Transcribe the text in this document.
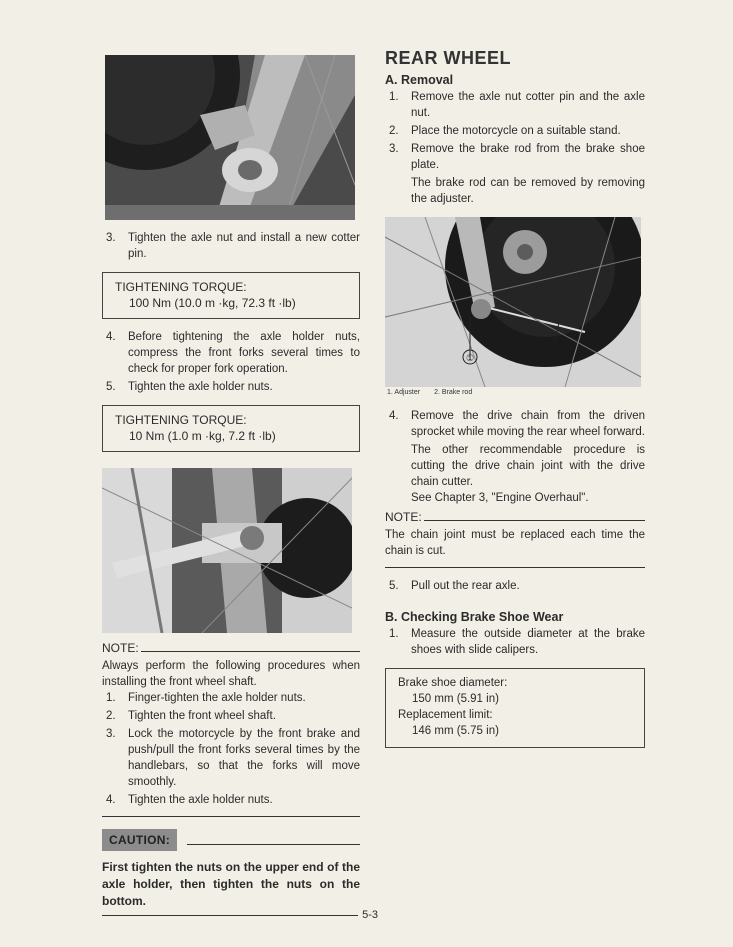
3.	Tighten the axle nut and install a new cotter pin.
TIGHTENING TORQUE:
100 Nm (10.0 m ·kg, 72.3 ft ·lb)
4.	Before tightening the axle holder nuts, compress the front forks several times to check for proper fork operation.
5.	Tighten the axle holder nuts.
TIGHTENING TORQUE:
10 Nm (1.0 m ·kg, 7.2 ft ·lb)
NOTE:
Always perform the following procedures when installing the front wheel shaft.
1.	Finger-tighten the axle holder nuts.
2.	Tighten the front wheel shaft.
3.	Lock the motorcycle by the front brake and push/pull the front forks several times by the handlebars, so that the forks will move smoothly.
4.	Tighten the axle holder nuts.
CAUTION:
First tighten the nuts on the upper end of the axle holder, then tighten the nuts on the bottom.
REAR WHEEL
A. Removal
1.	Remove the axle nut cotter pin and the axle nut.
2.	Place the motorcycle on a suitable stand.
3.	Remove the brake rod from the brake shoe plate.
The brake rod can be removed by removing the adjuster.
①
1. Adjuster 2. Brake rod
4.	Remove the drive chain from the driven sprocket while moving the rear wheel forward.
The other recommendable procedure is cutting the drive chain joint with the drive chain cutter.
See Chapter 3, "Engine Overhaul".
NOTE:
The chain joint must be replaced each time the chain is cut.
5.	Pull out the rear axle.
B. Checking Brake Shoe Wear
1.	Measure the outside diameter at the brake shoes with slide calipers.
Brake shoe diameter:
150 mm (5.91 in)
Replacement limit:
146 mm (5.75 in)
5-3
